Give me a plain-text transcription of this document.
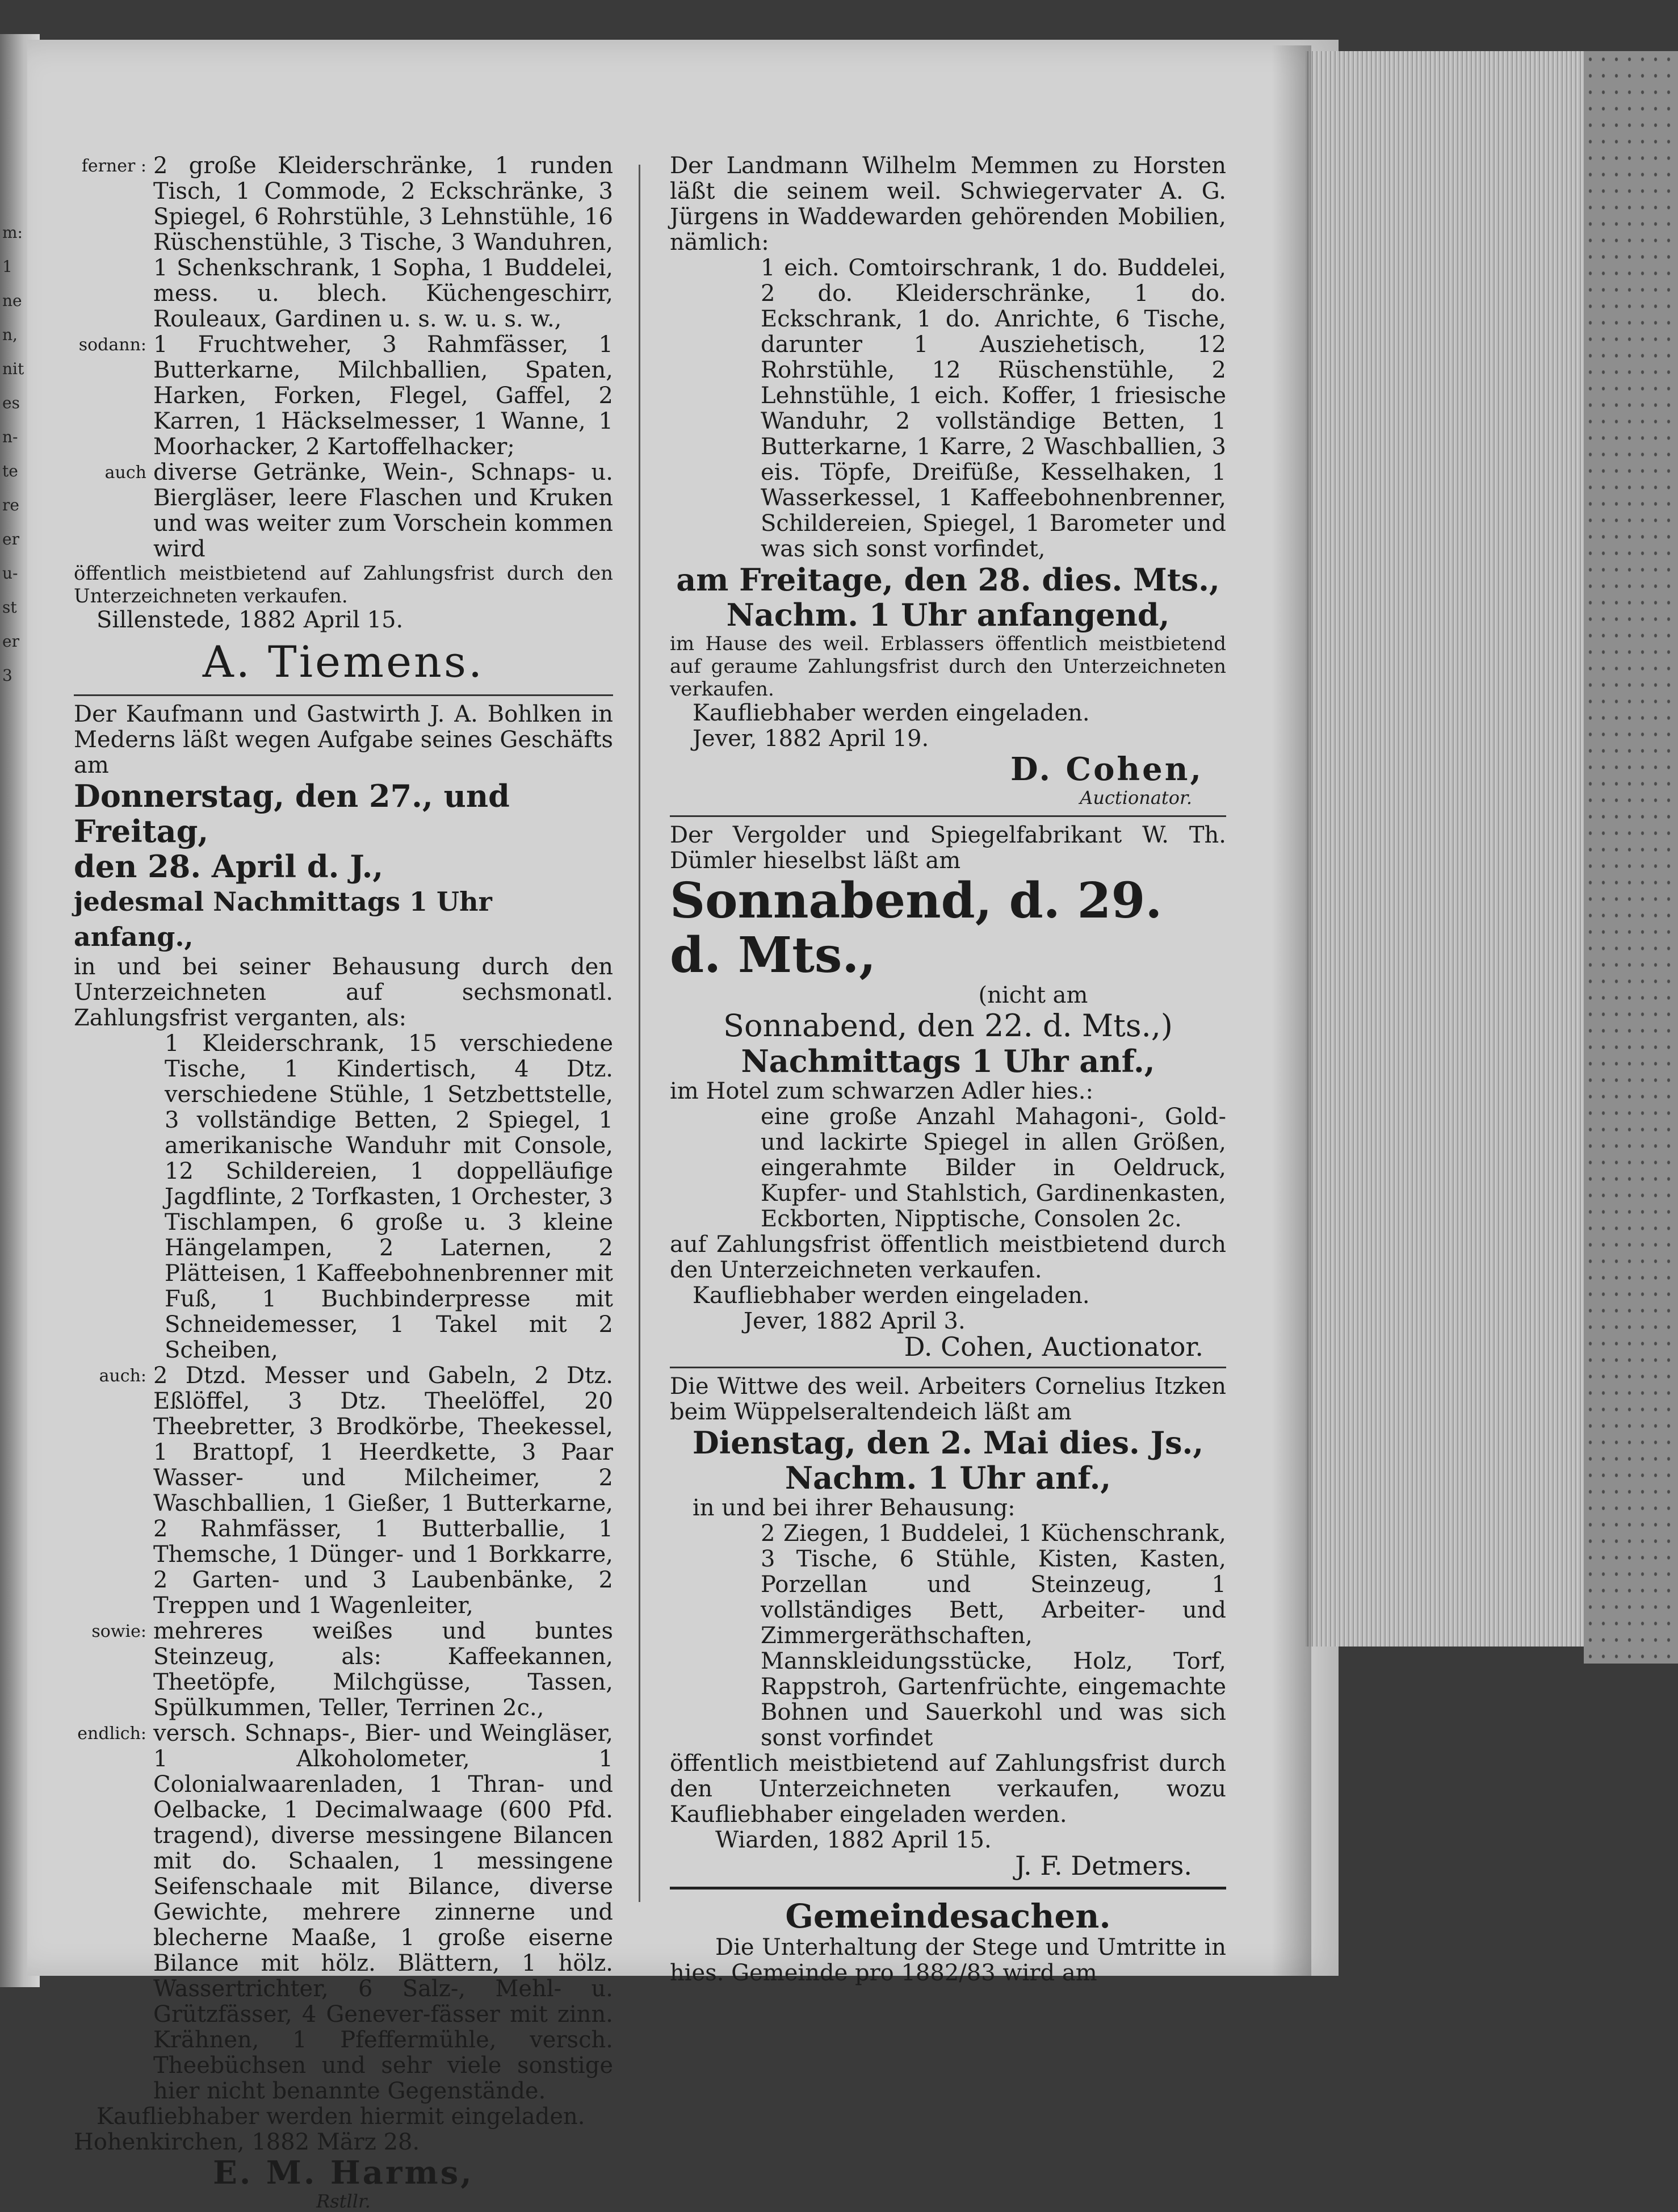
m:
1
ne
n,
nit
es
n-
te
re
er
u-
st
er
3
ferner : 2 große Kleiderschränke, 1 runden Tisch, 1 Commode, 2 Eckschränke, 3 Spiegel, 6 Rohrstühle, 3 Lehnstühle, 16 Rüschenstühle, 3 Tische, 3 Wanduhren, 1 Schenkschrank, 1 Sopha, 1 Buddelei, mess. u. blech. Küchengeschirr, Rouleaux, Gardinen u. s. w. u. s. w.,

sodann: 1 Fruchtweher, 3 Rahmfässer, 1 Butterkarne, Milchballien, Spaten, Harken, Forken, Flegel, Gaffel, 2 Karren, 1 Häckselmesser, 1 Wanne, 1 Moorhacker, 2 Kartoffelhacker;

auch diverse Getränke, Wein-, Schnaps- u. Biergläser, leere Flaschen und Kruken und was weiter zum Vorschein kommen wird

öffentlich meistbietend auf Zahlungsfrist durch den Unterzeichneten verkaufen.

Sillenstede, 1882 April 15.

A. Tiemens.

Der Kaufmann und Gastwirth J. A. Bohlken in Mederns läßt wegen Aufgabe seines Geschäfts am

Donnerstag, den 27., und Freitag,

den 28. April d. J.,

jedesmal Nachmittags 1 Uhr anfang.,

in und bei seiner Behausung durch den Unterzeichneten auf sechsmonatl. Zahlungsfrist verganten, als:

1 Kleiderschrank, 15 verschiedene Tische, 1 Kindertisch, 4 Dtz. verschiedene Stühle, 1 Setzbettstelle, 3 vollständige Betten, 2 Spiegel, 1 amerikanische Wanduhr mit Console, 12 Schildereien, 1 doppelläufige Jagdflinte, 2 Torfkasten, 1 Orchester, 3 Tischlampen, 6 große u. 3 kleine Hängelampen, 2 Laternen, 2 Plätteisen, 1 Kaffeebohnenbrenner mit Fuß, 1 Buchbinderpresse mit Schneidemesser, 1 Takel mit 2 Scheiben,

auch: 2 Dtzd. Messer und Gabeln, 2 Dtz. Eßlöffel, 3 Dtz. Theelöffel, 20 Theebretter, 3 Brodkörbe, Theekessel, 1 Brattopf, 1 Heerdkette, 3 Paar Wasser- und Milcheimer, 2 Waschballien, 1 Gießer, 1 Butterkarne, 2 Rahmfässer, 1 Butterballie, 1 Themsche, 1 Dünger- und 1 Borkkarre, 2 Garten- und 3 Laubenbänke, 2 Treppen und 1 Wagenleiter,

sowie: mehreres weißes und buntes Steinzeug, als: Kaffeekannen, Theetöpfe, Milchgüsse, Tassen, Spülkummen, Teller, Terrinen 2c.,

endlich: versch. Schnaps-, Bier- und Weingläser, 1 Alkoholometer, 1 Colonialwaarenladen, 1 Thran- und Oelbacke, 1 Decimalwaage (600 Pfd. tragend), diverse messingene Bilancen mit do. Schaalen, 1 messingene Seifenschaale mit Bilance, diverse Gewichte, mehrere zinnerne und blecherne Maaße, 1 große eiserne Bilance mit hölz. Blättern, 1 hölz. Wassertrichter, 6 Salz-, Mehl- u. Grützfässer, 4 Genever-fässer mit zinn. Krähnen, 1 Pfeffermühle, versch. Theebüchsen und sehr viele sonstige hier nicht benannte Gegenstände.

Kaufliebhaber werden hiermit eingeladen.

Hohenkirchen, 1882 März 28.

E. M. Harms,

Rstllr.

Der Landmann Wilhelm Memmen zu Horsten läßt die seinem weil. Schwiegervater A. G. Jürgens in Waddewarden gehörenden Mobilien, nämlich:

1 eich. Comtoirschrank, 1 do. Buddelei, 2 do. Kleiderschränke, 1 do. Eckschrank, 1 do. Anrichte, 6 Tische, darunter 1 Ausziehetisch, 12 Rohrstühle, 12 Rüschenstühle, 2 Lehnstühle, 1 eich. Koffer, 1 friesische Wanduhr, 2 vollständige Betten, 1 Butterkarne, 1 Karre, 2 Waschballien, 3 eis. Töpfe, Dreifüße, Kesselhaken, 1 Wasserkessel, 1 Kaffeebohnenbrenner, Schildereien, Spiegel, 1 Barometer und was sich sonst vorfindet,

am Freitage, den 28. dies. Mts.,

Nachm. 1 Uhr anfangend,

im Hause des weil. Erblassers öffentlich meistbietend auf geraume Zahlungsfrist durch den Unterzeichneten verkaufen.

Kaufliebhaber werden eingeladen.

Jever, 1882 April 19.

D. Cohen,

Auctionator.

Der Vergolder und Spiegelfabrikant W. Th. Dümler hieselbst läßt am

Sonnabend, d. 29. d. Mts.,

(nicht am

Sonnabend, den 22. d. Mts.,)

Nachmittags 1 Uhr anf.,

im Hotel zum schwarzen Adler hies.:

eine große Anzahl Mahagoni-, Gold- und lackirte Spiegel in allen Größen, eingerahmte Bilder in Oeldruck, Kupfer- und Stahlstich, Gardinenkasten, Eckborten, Nipptische, Consolen 2c.

auf Zahlungsfrist öffentlich meistbietend durch den Unterzeichneten verkaufen.

Kaufliebhaber werden eingeladen.

Jever, 1882 April 3.

D. Cohen, Auctionator.

Die Wittwe des weil. Arbeiters Cornelius Itzken beim Wüppelseraltendeich läßt am

Dienstag, den 2. Mai dies. Js.,

Nachm. 1 Uhr anf.,

in und bei ihrer Behausung:

2 Ziegen, 1 Buddelei, 1 Küchenschrank, 3 Tische, 6 Stühle, Kisten, Kasten, Porzellan und Steinzeug, 1 vollständiges Bett, Arbeiter- und Zimmergeräthschaften, Mannskleidungsstücke, Holz, Torf, Rappstroh, Gartenfrüchte, eingemachte Bohnen und Sauerkohl und was sich sonst vorfindet

öffentlich meistbietend auf Zahlungsfrist durch den Unterzeichneten verkaufen, wozu Kaufliebhaber eingeladen werden.

Wiarden, 1882 April 15.

J. F. Detmers.

Gemeindesachen.

Die Unterhaltung der Stege und Umtritte in hies. Gemeinde pro 1882/83 wird am
